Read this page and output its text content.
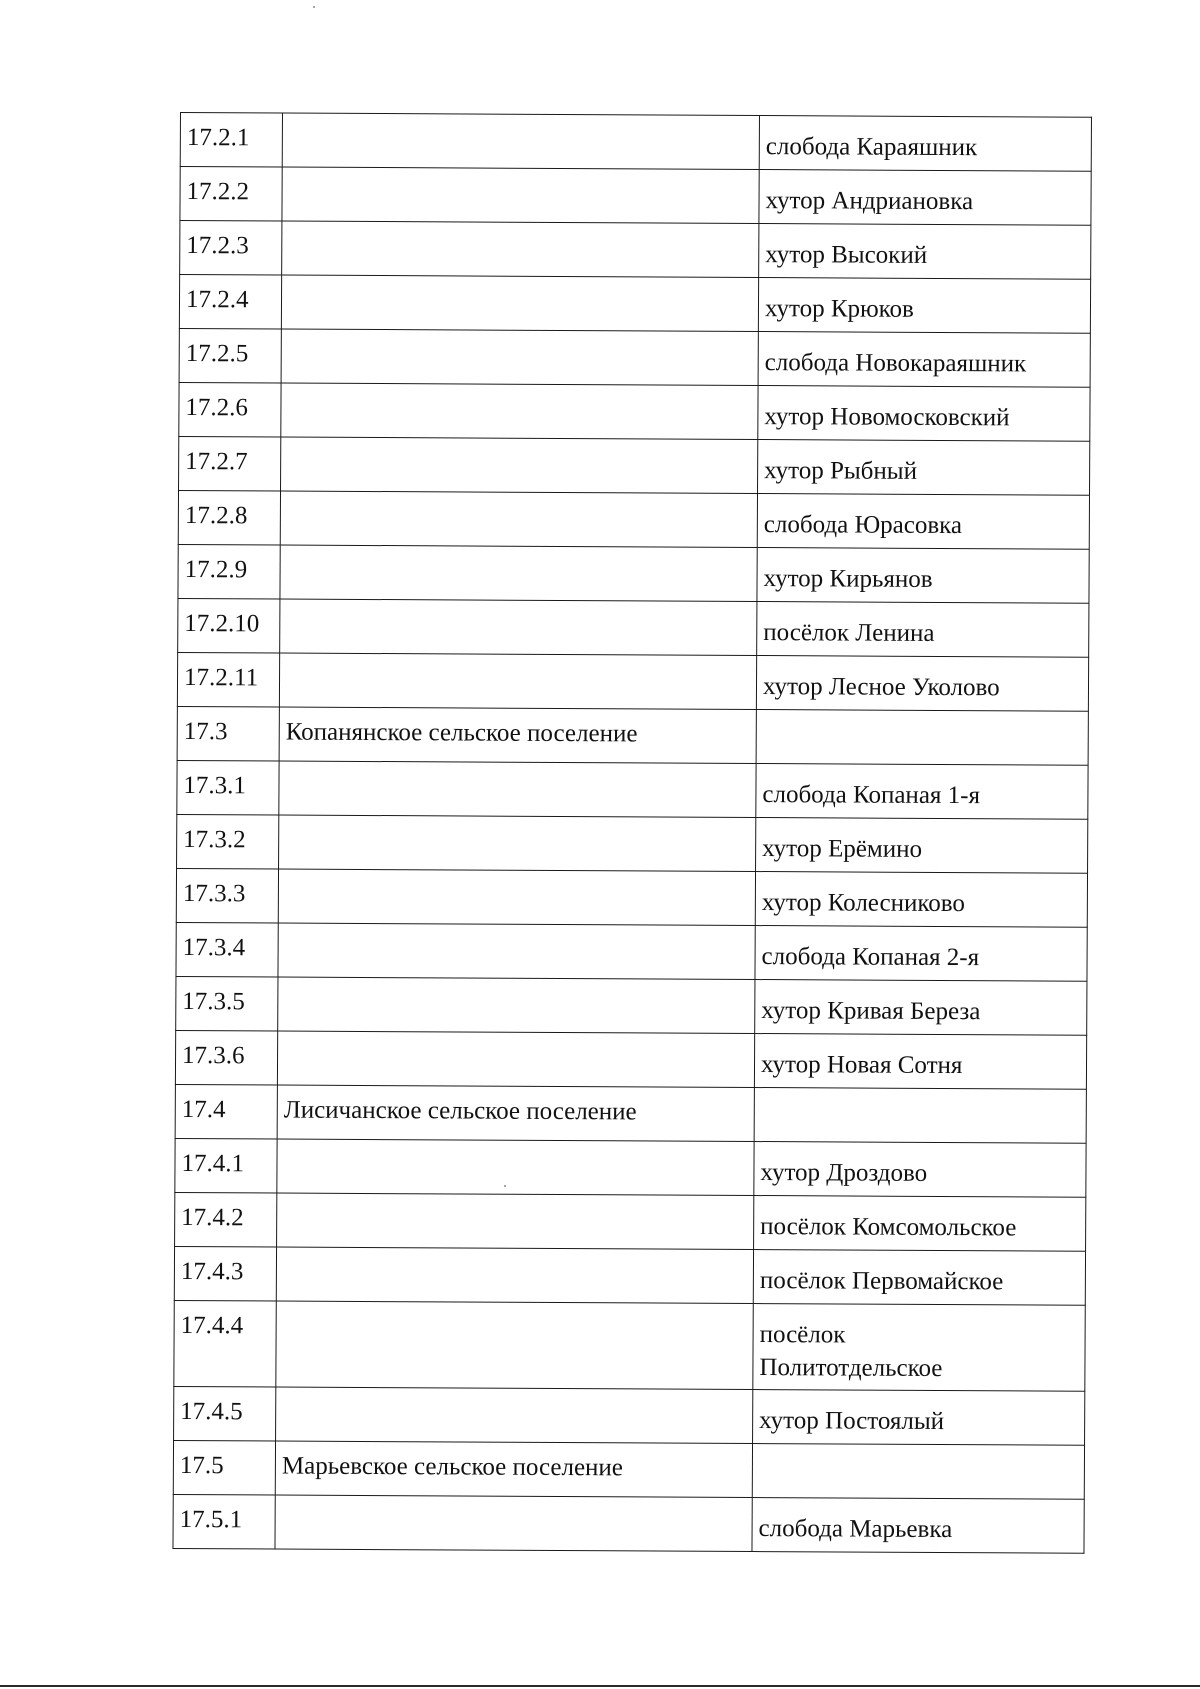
17.2.1		слобода Караяшник
17.2.2		хутор Андриановка
17.2.3		хутор Высокий
17.2.4		хутор Крюков
17.2.5		слобода Новокараяшник
17.2.6		хутор Новомосковский
17.2.7		хутор Рыбный
17.2.8		слобода Юрасовка
17.2.9		хутор Кирьянов
17.2.10		посёлок Ленина
17.2.11		хутор Лесное Уколово
17.3	Копанянское сельское поселение	
17.3.1		слобода Копаная 1-я
17.3.2		хутор Ерёмино
17.3.3		хутор Колесниково
17.3.4		слобода Копаная 2-я
17.3.5		хутор Кривая Береза
17.3.6		хутор Новая Сотня
17.4	Лисичанское сельское поселение	
17.4.1		хутор Дроздово
17.4.2		посёлок Комсомольское
17.4.3		посёлок Первомайское
17.4.4		посёлок Политотдельское
17.4.5		хутор Постоялый
17.5	Марьевское сельское поселение	
17.5.1		слобода Марьевка
